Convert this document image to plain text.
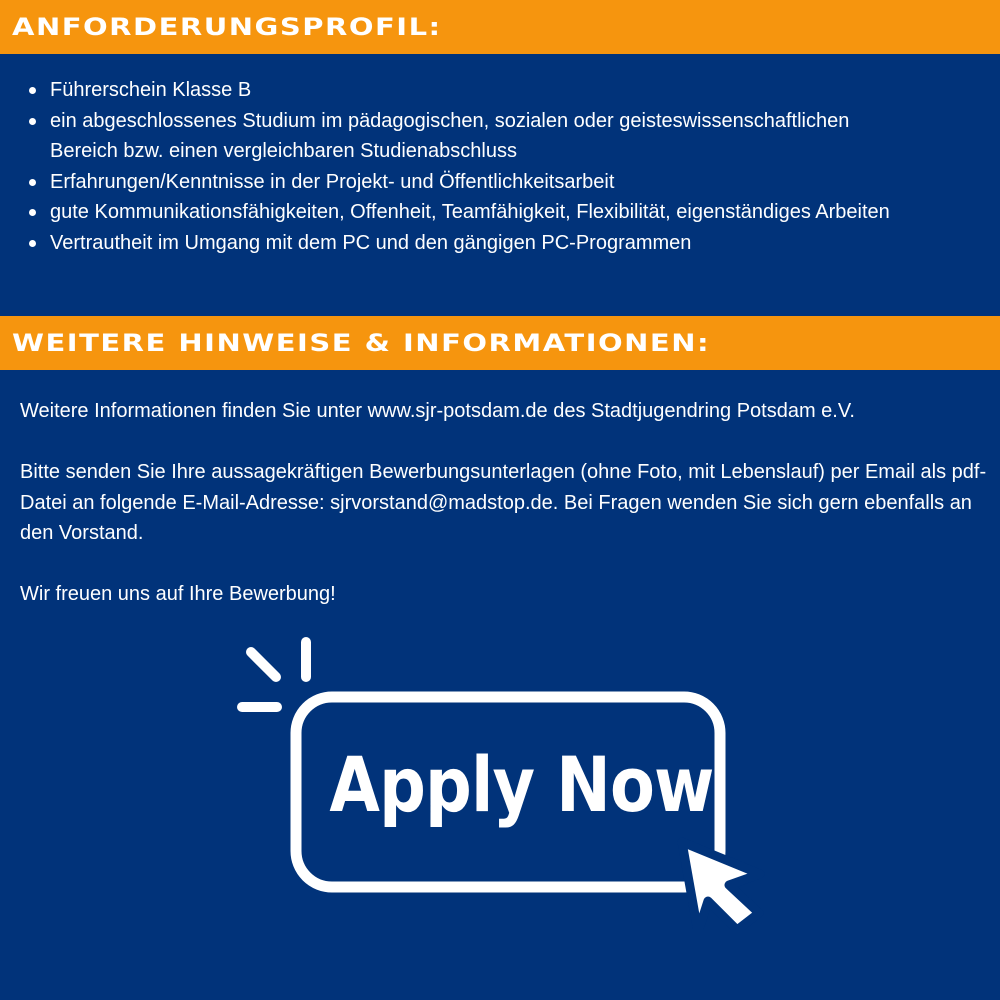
ANFORDERUNGSPROFIL:
Führerschein Klasse B
ein abgeschlossenes Studium im pädagogischen, sozialen oder geisteswissenschaftlichen Bereich bzw. einen vergleichbaren Studienabschluss
Erfahrungen/Kenntnisse in der Projekt- und Öffentlichkeitsarbeit
gute Kommunikationsfähigkeiten, Offenheit, Teamfähigkeit, Flexibilität, eigenständiges Arbeiten
Vertrautheit im Umgang mit dem PC und den gängigen PC-Programmen
WEITERE HINWEISE & INFORMATIONEN:

Weitere Informationen finden Sie unter www.sjr-potsdam.de des Stadtjugendring Potsdam e.V.

Bitte senden Sie Ihre aussagekräftigen Bewerbungsunterlagen (ohne Foto, mit Lebenslauf) per Email als pdf-Datei an folgende E-Mail-Adresse: sjrvorstand@madstop.de. Bei Fragen wenden Sie sich gern ebenfalls an den Vorstand.

Wir freuen uns auf Ihre Bewerbung!

Apply Now
